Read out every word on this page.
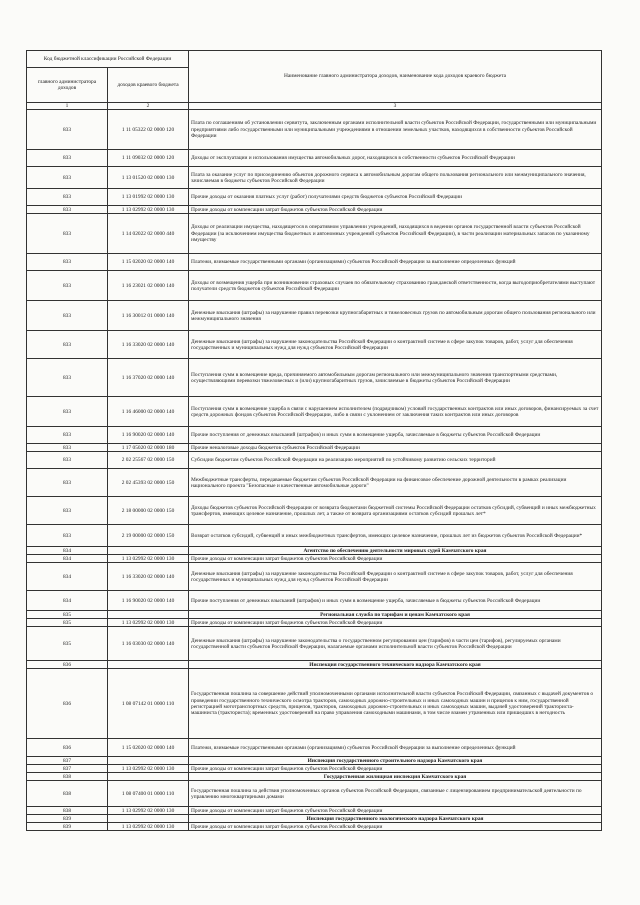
Код бюджетной классификации Российской Федерации		Наименование главного администратора доходов, наименование кода доходов краевого бюджета
главного администратора доходов	доходов краевого бюджета	
1	2	3
833	1 11 05322 02 0000 120	Плата по соглашениям об установлении сервитута, заключенным органами исполнительной власти субъектов Российской Федерации, государственными или муниципальными предприятиями либо государственными или муниципальными учреждениями в отношении земельных участков, находящихся в собственности субъектов Российской Федерации
833	1 11 09032 02 0000 120	Доходы от эксплуатации и использования имущества автомобильных дорог, находящихся в собственности субъектов Российской Федерации
833	1 13 01520 02 0000 130	Плата за оказание услуг по присоединению объектов дорожного сервиса к автомобильным дорогам общего пользования регионального или межмуниципального значения, зачисляемая в бюджеты субъектов Российской Федерации
833	1 13 01992 02 0000 130	Прочие доходы от оказания платных услуг (работ) получателями средств бюджетов субъектов Российской Федерации
833	1 13 02992 02 0000 130	Прочие доходы от компенсации затрат бюджетов субъектов Российской Федерации
833	1 14 02022 02 0000 440	Доходы от реализации имущества, находящегося в оперативном управлении учреждений, находящихся в ведении органов государственной власти субъектов Российской Федерации (за исключением имущества бюджетных и автономных учреждений субъектов Российской Федерации), в части реализации материальных запасов по указанному имуществу
833	1 15 02020 02 0000 140	Платежи, взимаемые государственными органами (организациями) субъектов Российской Федерации за выполнение определенных функций
833	1 16 23021 02 0000 140	Доходы от возмещения ущерба при возникновении страховых случаев по обязательному страхованию гражданской ответственности, когда выгодоприобретателями выступают получатели средств бюджетов субъектов Российской Федерации
833	1 16 30012 01 0000 140	Денежные взыскания (штрафы) за нарушение правил перевозки крупногабаритных и тяжеловесных грузов по автомобильным дорогам общего пользования регионального или межмуниципального значения
833	1 16 33020 02 0000 140	Денежные взыскания (штрафы) за нарушение законодательства Российской Федерации о контрактной системе в сфере закупок товаров, работ, услуг для обеспечения государственных и муниципальных нужд для нужд субъектов Российской Федерации
833	1 16 37020 02 0000 140	Поступления сумм в возмещение вреда, причиняемого автомобильным дорогам регионального или межмуниципального значения транспортными средствами, осуществляющими перевозки тяжеловесных и (или) крупногабаритных грузов, зачисляемые в бюджеты субъектов Российской Федерации
833	1 16 46000 02 0000 140	Поступления сумм в возмещение ущерба в связи с нарушением исполнителем (подрядчиком) условий государственных контрактов или иных договоров, финансируемых за счет средств дорожных фондов субъектов Российской Федерации, либо в связи с уклонением от заключения таких контрактов или иных договоров
833	1 16 90020 02 0000 140	Прочие поступления от денежных взысканий (штрафов) и иных сумм в возмещение ущерба, зачисляемые в бюджеты субъектов Российской Федерации
833	1 17 05020 02 0000 180	Прочие неналоговые доходы бюджетов субъектов Российской Федерации
833	2 02 25567 02 0000 150	Субсидии бюджетам субъектов Российской Федерации на реализацию мероприятий по устойчивому развитию сельских территорий
833	2 02 45393 02 0000 150	Межбюджетные трансферты, передаваемые бюджетам субъектов Российской Федерации на финансовое обеспечение дорожной деятельности в рамках реализации национального проекта "Безопасные и качественные автомобильные дороги"
833	2 18 00000 02 0000 150	Доходы бюджетов субъектов Российской Федерации от возврата бюджетами бюджетной системы Российской Федерации остатков субсидий, субвенций и иных межбюджетных трансфертов, имеющих целевое назначение, прошлых лет, а также от возврата организациями остатков субсидий прошлых лет*
833	2 19 00000 02 0000 150	Возврат остатков субсидий, субвенций и иных межбюджетных трансфертов, имеющих целевое назначение, прошлых лет из бюджетов субъектов Российской Федерации*
834		Агентство по обеспечению деятельности мировых судей Камчатского края
834	1 13 02992 02 0000 130	Прочие доходы от компенсации затрат бюджетов субъектов Российской Федерации
834	1 16 33020 02 0000 140	Денежные взыскания (штрафы) за нарушение законодательства Российской Федерации о контрактной системе в сфере закупок товаров, работ, услуг для обеспечения государственных и муниципальных нужд для нужд субъектов Российской Федерации
834	1 16 90020 02 0000 140	Прочие поступления от денежных взысканий (штрафов) и иных сумм в возмещение ущерба, зачисляемые в бюджеты субъектов Российской Федерации
835		Региональная служба по тарифам и ценам Камчатского края
835	1 13 02992 02 0000 130	Прочие доходы от компенсации затрат бюджетов субъектов Российской Федерации
835	1 16 03030 02 0000 140	Денежные взыскания (штрафы) за нарушение законодательства о государственном регулировании цен (тарифов) в части цен (тарифов), регулируемых органами государственной власти субъектов Российской Федерации, налагаемые органами исполнительной власти субъектов Российской Федерации
836		Инспекция государственного технического надзора Камчатского края
836	1 08 07142 01 0000 110	Государственная пошлина за совершение действий уполномоченными органами исполнительной власти субъектов Российской Федерации, связанных с выдачей документов о проведении государственного технического осмотра тракторов, самоходных дорожно-строительных и иных самоходных машин и прицепов к ним, государственной регистрацией мототранспортных средств, прицепов, тракторов, самоходных дорожно-строительных и иных самоходных машин, выдачей удостоверений тракториста-машиниста (тракториста); временных удостоверений на право управления самоходными машинами, в том числе взамен утраченных или пришедших в негодность
836	1 15 02020 02 0000 140	Платежи, взимаемые государственными органами (организациями) субъектов Российской Федерации за выполнение определенных функций
837		Инспекция государственного строительного надзора Камчатского края
837	1 13 02992 02 0000 130	Прочие доходы от компенсации затрат бюджетов субъектов Российской Федерации
838		Государственная жилищная инспекция Камчатского края
838	1 08 07400 01 0000 110	Государственная пошлина за действия уполномоченных органов субъектов Российской Федерации, связанные с лицензированием предпринимательской деятельности по управлению многоквартирными домами
838	1 13 02992 02 0000 130	Прочие доходы от компенсации затрат бюджетов субъектов Российской Федерации
839		Инспекция государственного экологического надзора Камчатского края
839	1 13 02992 02 0000 130	Прочие доходы от компенсации затрат бюджетов субъектов Российской Федерации
